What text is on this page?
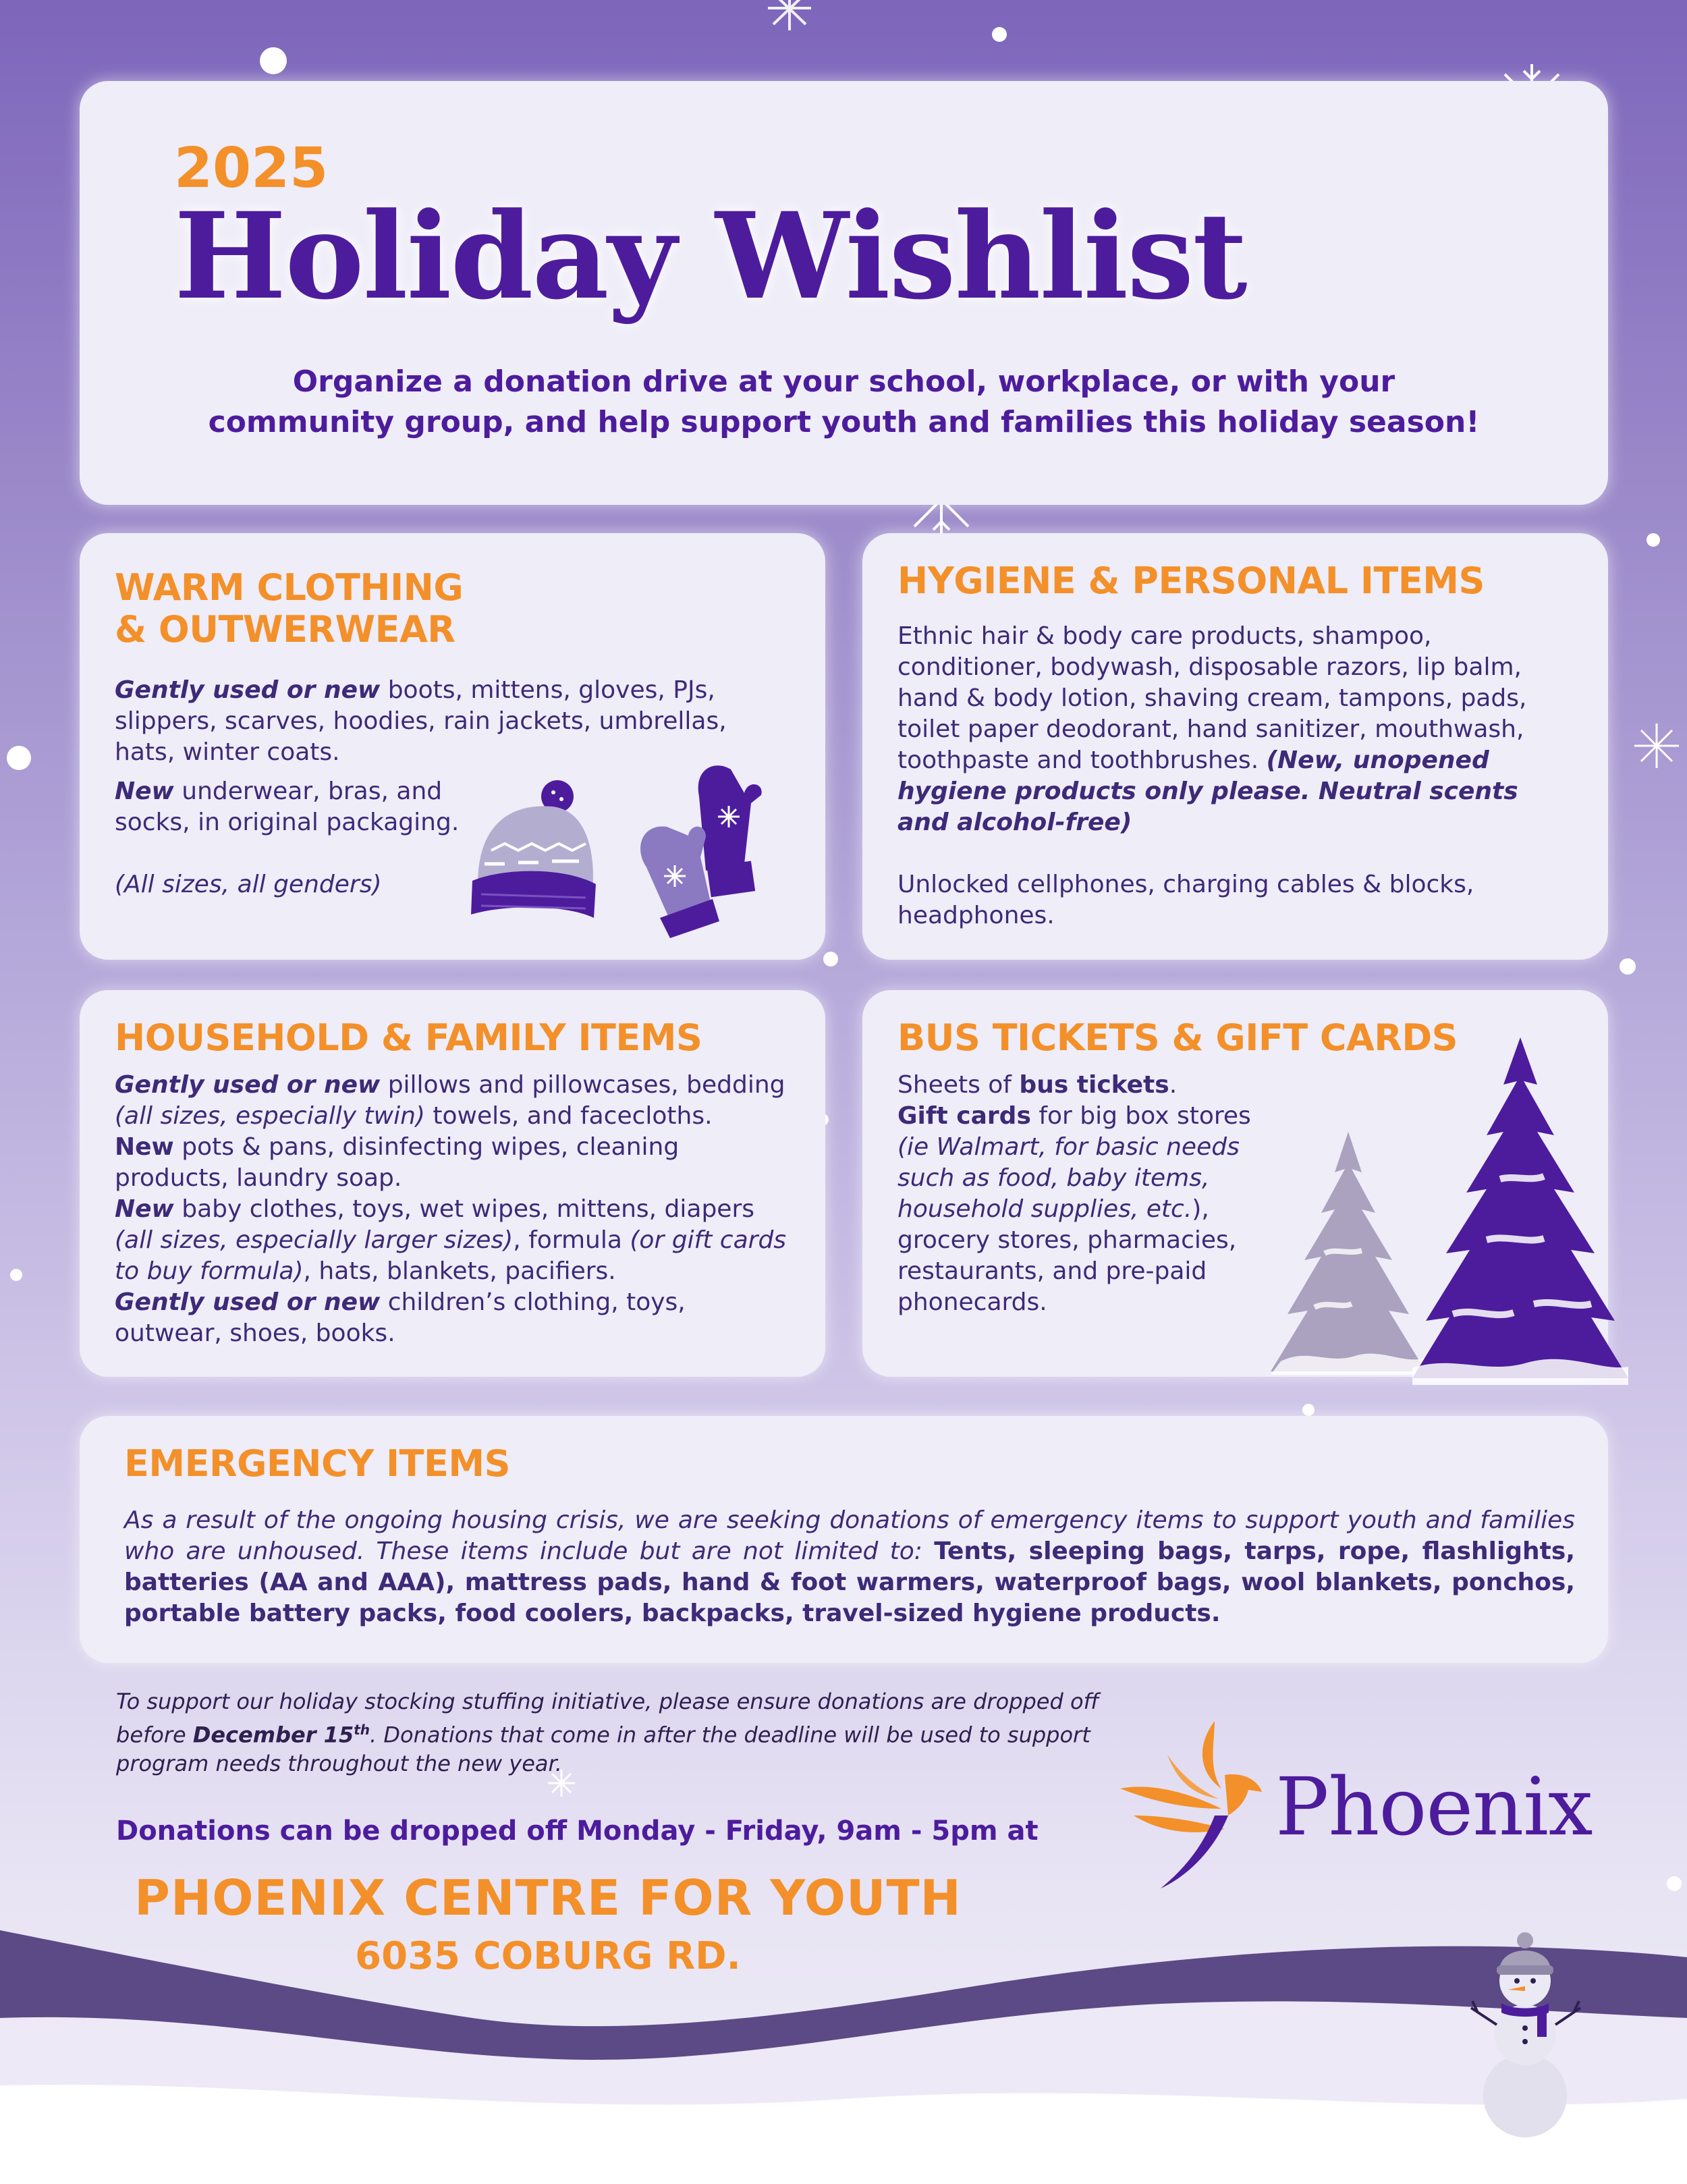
2025
Holiday Wishlist
Organize a donation drive at your school, workplace, or with your
community group, and help support youth and families this holiday season!
WARM CLOTHING
& OUTWERWEAR

Gently used or new boots, mittens, gloves, PJs, slippers, scarves, hoodies, rain jackets, umbrellas, hats, winter coats.

New underwear, bras, and socks, in original packaging.

(All sizes, all genders)

HYGIENE & PERSONAL ITEMS

Ethnic hair & body care products, shampoo, conditioner, bodywash, disposable razors, lip balm, hand & body lotion, shaving cream, tampons, pads, toilet paper deodorant, hand sanitizer, mouthwash, toothpaste and toothbrushes. (New, unopened hygiene products only please. Neutral scents and alcohol-free)

Unlocked cellphones, charging cables & blocks, headphones.

HOUSEHOLD & FAMILY ITEMS

Gently used or new pillows and pillowcases, bedding

(all sizes, especially twin) towels, and facecloths.

New pots & pans, disinfecting wipes, cleaning products, laundry soap.

New baby clothes, toys, wet wipes, mittens, diapers
(all sizes, especially larger sizes), formula (or gift cards to buy formula), hats, blankets, pacifiers.

Gently used or new children’s clothing, toys, outwear, shoes, books.

BUS TICKETS & GIFT CARDS

Sheets of bus tickets.

Gift cards for big box stores

(ie Walmart, for basic needs such as food, baby items, household supplies, etc.), grocery stores, pharmacies, restaurants, and pre-paid phonecards.

EMERGENCY ITEMS

As a result of the ongoing housing crisis, we are seeking donations of emergency items to support youth and families who are unhoused. These items include but are not limited to: Tents, sleeping bags, tarps, rope, flashlights, batteries (AA and AAA), mattress pads, hand & foot warmers, waterproof bags, wool blankets, ponchos, portable battery packs, food coolers, backpacks, travel-sized hygiene products.

To support our holiday stocking stuffing initiative, please ensure donations are dropped off before December 15th. Donations that come in after the deadline will be used to support program needs throughout the new year.
Donations can be dropped off Monday - Friday, 9am - 5pm at
PHOENIX CENTRE FOR YOUTH
6035 COBURG RD.
Phoenix
